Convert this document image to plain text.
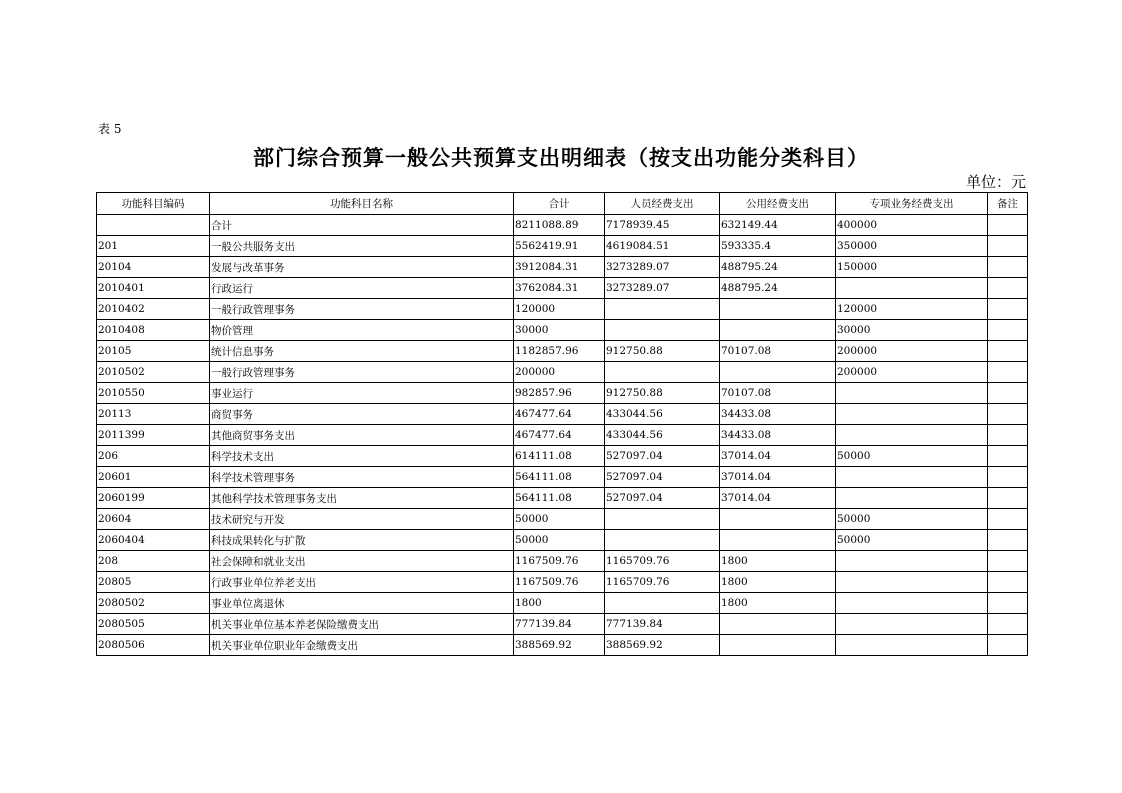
表 5
部门综合预算一般公共预算支出明细表（按支出功能分类科目）
单位：元
功能科目编码	功能科目名称	合计	人员经费支出	公用经费支出	专项业务经费支出	备注
	合计	8211088.89	7178939.45	632149.44	400000	
201	一般公共服务支出	5562419.91	4619084.51	593335.4	350000	
20104	发展与改革事务	3912084.31	3273289.07	488795.24	150000	
2010401	行政运行	3762084.31	3273289.07	488795.24		
2010402	一般行政管理事务	120000			120000	
2010408	物价管理	30000			30000	
20105	统计信息事务	1182857.96	912750.88	70107.08	200000	
2010502	一般行政管理事务	200000			200000	
2010550	事业运行	982857.96	912750.88	70107.08		
20113	商贸事务	467477.64	433044.56	34433.08		
2011399	其他商贸事务支出	467477.64	433044.56	34433.08		
206	科学技术支出	614111.08	527097.04	37014.04	50000	
20601	科学技术管理事务	564111.08	527097.04	37014.04		
2060199	其他科学技术管理事务支出	564111.08	527097.04	37014.04		
20604	技术研究与开发	50000			50000	
2060404	科技成果转化与扩散	50000			50000	
208	社会保障和就业支出	1167509.76	1165709.76	1800		
20805	行政事业单位养老支出	1167509.76	1165709.76	1800		
2080502	事业单位离退休	1800		1800		
2080505	机关事业单位基本养老保险缴费支出	777139.84	777139.84			
2080506	机关事业单位职业年金缴费支出	388569.92	388569.92			
